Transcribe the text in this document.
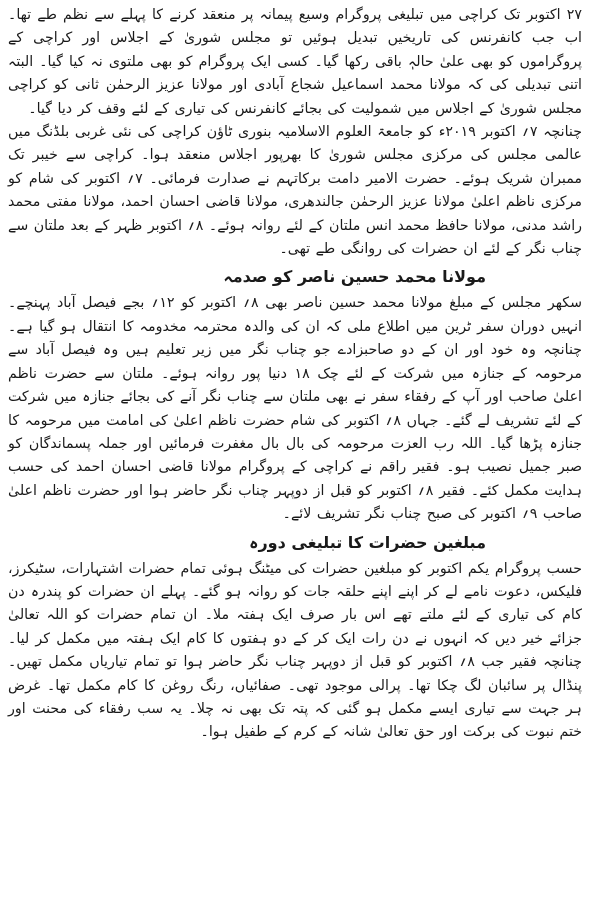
۲۷ اکتوبر تک کراچی میں تبلیغی پروگرام وسیع پیمانہ پر منعقد کرنے کا پہلے سے نظم طے تھا۔ اب جب کانفرنس کی تاریخیں تبدیل ہوئیں تو مجلس شوریٰ کے اجلاس اور کراچی کے پروگراموں کو بھی علیٰ حالہٖ باقی رکھا گیا۔ کسی ایک پروگرام کو بھی ملتوی نہ کیا گیا۔ البتہ اتنی تبدیلی کی کہ مولانا محمد اسماعیل شجاع آبادی اور مولانا عزیز الرحمٰن ثانی کو کراچی مجلس شوریٰ کے اجلاس میں شمولیت کی بجائے کانفرنس کی تیاری کے لئے وقف کر دیا گیا۔

چنانچہ ۷؍ اکتوبر ۲۰۱۹ء کو جامعۃ العلوم الاسلامیہ بنوری ٹاؤن کراچی کی نئی غربی بلڈنگ میں عالمی مجلس کی مرکزی مجلس شوریٰ کا بھرپور اجلاس منعقد ہوا۔ کراچی سے خیبر تک ممبران شریک ہوئے۔ حضرت الامیر دامت برکاتہم نے صدارت فرمائی۔ ۷؍ اکتوبر کی شام کو مرکزی ناظم اعلیٰ مولانا عزیز الرحمٰن جالندھری، مولانا قاضی احسان احمد، مولانا مفتی محمد راشد مدنی، مولانا حافظ محمد انس ملتان کے لئے روانہ ہوئے۔ ۸؍ اکتوبر ظہر کے بعد ملتان سے چناب نگر کے لئے ان حضرات کی روانگی طے تھی۔

مولانا محمد حسین ناصر کو صدمہ

سکھر مجلس کے مبلغ مولانا محمد حسین ناصر بھی ۸؍ اکتوبر کو ۱۲؍ بجے فیصل آباد پہنچے۔ انہیں دوران سفر ٹرین میں اطلاع ملی کہ ان کی والدہ محترمہ مخدومہ کا انتقال ہو گیا ہے۔ چنانچہ وہ خود اور ان کے دو صاحبزادے جو چناب نگر میں زیر تعلیم ہیں وہ فیصل آباد سے مرحومہ کے جنازہ میں شرکت کے لئے چک ۱۸ دنیا پور روانہ ہوئے۔ ملتان سے حضرت ناظم اعلیٰ صاحب اور آپ کے رفقاء سفر نے بھی ملتان سے چناب نگر آنے کی بجائے جنازہ میں شرکت کے لئے تشریف لے گئے۔ جہاں ۸؍ اکتوبر کی شام حضرت ناظم اعلیٰ کی امامت میں مرحومہ کا جنازہ پڑھا گیا۔ اللہ رب العزت مرحومہ کی بال بال مغفرت فرمائیں اور جملہ پسماندگان کو صبر جمیل نصیب ہو۔ فقیر راقم نے کراچی کے پروگرام مولانا قاضی احسان احمد کی حسب ہدایت مکمل کئے۔ فقیر ۸؍ اکتوبر کو قبل از دوپہر چناب نگر حاضر ہوا اور حضرت ناظم اعلیٰ صاحب ۹؍ اکتوبر کی صبح چناب نگر تشریف لائے۔

مبلغین حضرات کا تبلیغی دورہ

حسب پروگرام یکم اکتوبر کو مبلغین حضرات کی میٹنگ ہوئی تمام حضرات اشتہارات، سٹیکرز، فلیکس، دعوت نامے لے کر اپنے اپنے حلقہ جات کو روانہ ہو گئے۔ پہلے ان حضرات کو پندرہ دن کام کی تیاری کے لئے ملتے تھے اس بار صرف ایک ہفتہ ملا۔ ان تمام حضرات کو اللہ تعالیٰ جزائے خیر دیں کہ انہوں نے دن رات ایک کر کے دو ہفتوں کا کام ایک ہفتہ میں مکمل کر لیا۔ چنانچہ فقیر جب ۸؍ اکتوبر کو قبل از دوپہر چناب نگر حاضر ہوا تو تمام تیاریاں مکمل تھیں۔ پنڈال پر سائبان لگ چکا تھا۔ پرالی موجود تھی۔ صفائیاں، رنگ روغن کا کام مکمل تھا۔ غرض ہر جہت سے تیاری ایسے مکمل ہو گئی کہ پتہ تک بھی نہ چلا۔ یہ سب رفقاء کی محنت اور ختم نبوت کی برکت اور حق تعالیٰ شانہ کے کرم کے طفیل ہوا۔
